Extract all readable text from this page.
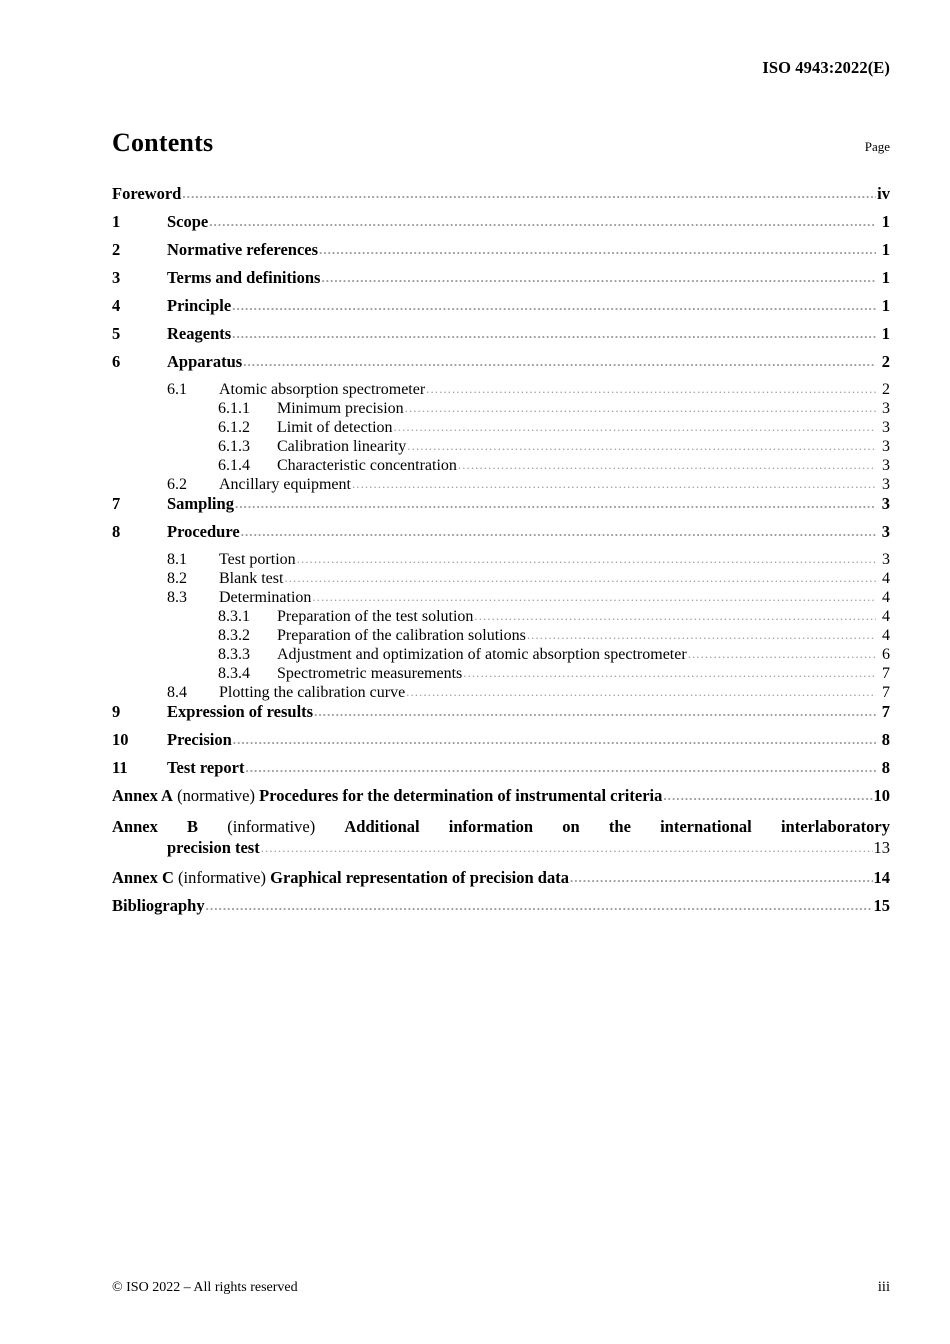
ISO 4943:2022(E)
Contents	Page
Foreword .....	iv
1	Scope .....	1
2	Normative references .....	1
3	Terms and definitions .....	1
4	Principle .....	1
5	Reagents .....	1
6	Apparatus .....	2
6.1	Atomic absorption spectrometer .....	2
6.1.1	Minimum precision .....	3
6.1.2	Limit of detection .....	3
6.1.3	Calibration linearity .....	3
6.1.4	Characteristic concentration .....	3
6.2	Ancillary equipment .....	3
7	Sampling .....	3
8	Procedure .....	3
8.1	Test portion .....	3
8.2	Blank test .....	4
8.3	Determination .....	4
8.3.1	Preparation of the test solution .....	4
8.3.2	Preparation of the calibration solutions .....	4
8.3.3	Adjustment and optimization of atomic absorption spectrometer .....	6
8.3.4	Spectrometric measurements .....	7
8.4	Plotting the calibration curve .....	7
9	Expression of results .....	7
10	Precision .....	8
11	Test report .....	8
Annex A (normative) Procedures for the determination of instrumental criteria .....	10
Annex B (informative) Additional information on the international interlaboratory
precision test .....	13
Annex C (informative) Graphical representation of precision data .....	14
Bibliography .....	15
© ISO 2022 – All rights reserved	iii
